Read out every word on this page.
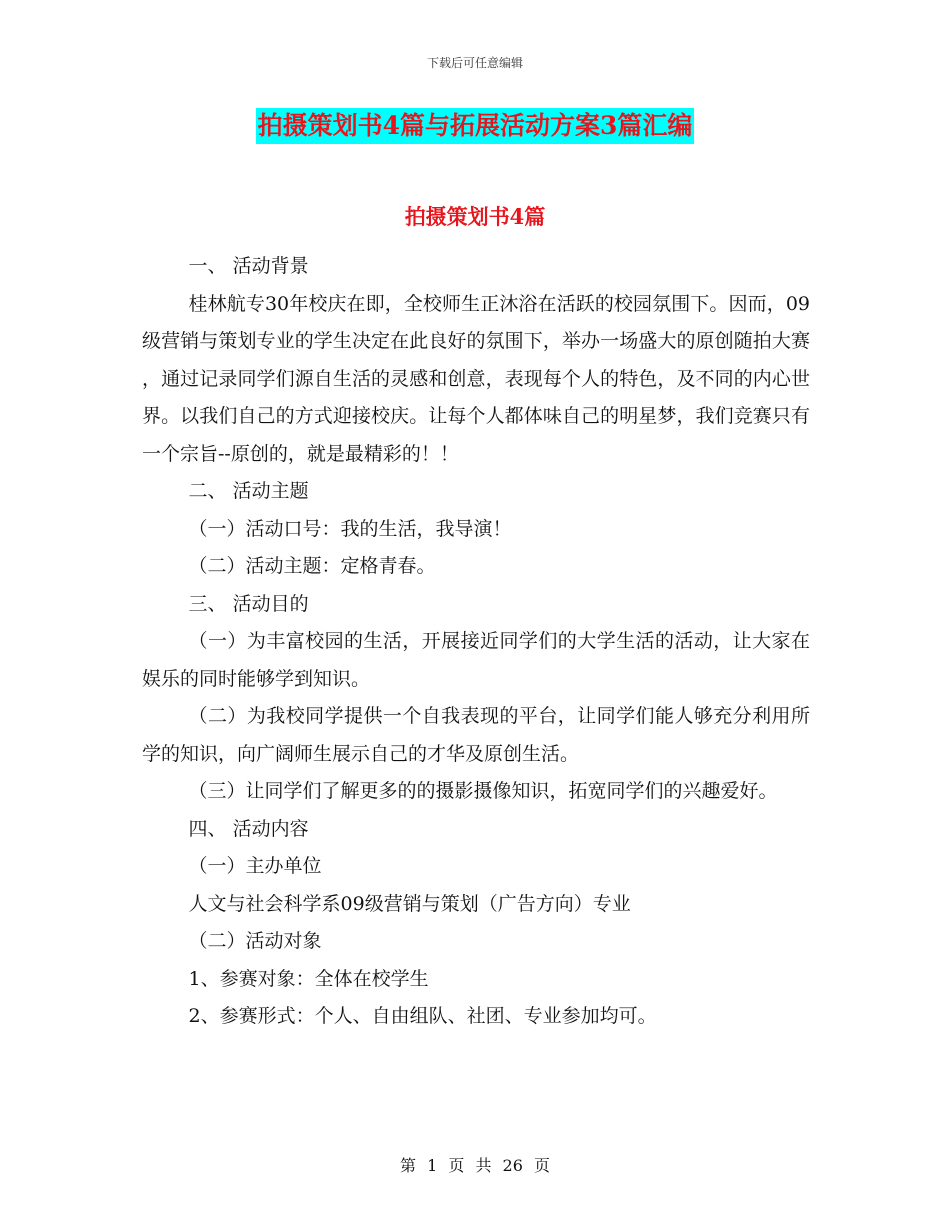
下载后可任意编辑
拍摄策划书4篇与拓展活动方案3篇汇编
拍摄策划书4篇

一、 活动背景

桂林航专30年校庆在即，全校师生正沐浴在活跃的校园氛围下。因而，09级营销与策划专业的学生决定在此良好的氛围下，举办一场盛大的原创随拍大赛 ，通过记录同学们源自生活的灵感和创意，表现每个人的特色，及不同的内心世界。以我们自己的方式迎接校庆。让每个人都体味自己的明星梦，我们竞赛只有一个宗旨--原创的，就是最精彩的！！

二、 活动主题

（一）活动口号：我的生活，我导演！

（二）活动主题：定格青春。

三、 活动目的

（一）为丰富校园的生活，开展接近同学们的大学生活的活动，让大家在娱乐的同时能够学到知识。

（二）为我校同学提供一个自我表现的平台，让同学们能人够充分利用所学的知识，向广阔师生展示自己的才华及原创生活。

（三）让同学们了解更多的的摄影摄像知识，拓宽同学们的兴趣爱好。

四、 活动内容

（一）主办单位

人文与社会科学系09级营销与策划（广告方向）专业

（二）活动对象

1、参赛对象：全体在校学生

2、参赛形式：个人、自由组队、社团、专业参加均可。

第 1 页 共 26 页
